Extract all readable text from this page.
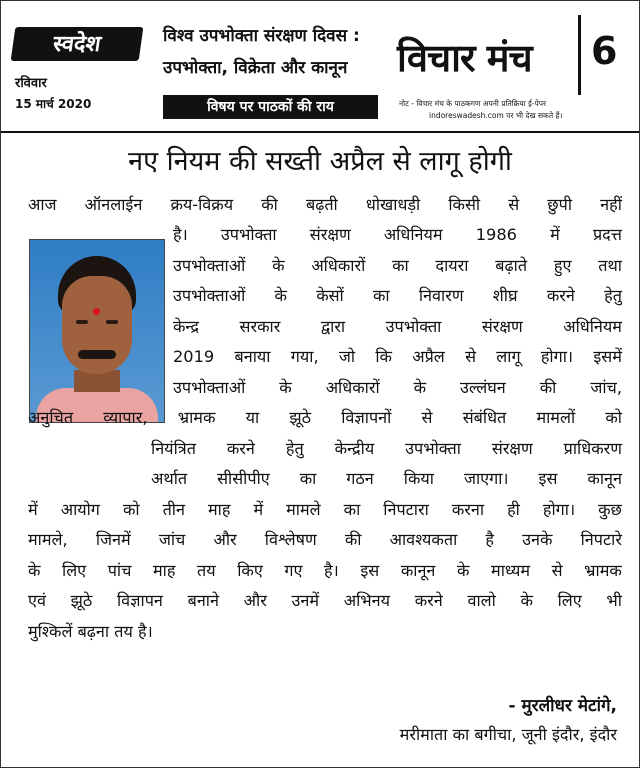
स्वदेश
रविवार
15 मार्च 2020
विश्व उपभोक्ता संरक्षण दिवस :
उपभोक्ता, विक्रेता और कानून
विषय पर पाठकों की राय
विचार मंच 6
नोट - विचार मंच के पाठकगण अपनी प्रतिक्रिया ई-पेपर
indoreswadesh.com पर भी देख सकते हैं।
नए नियम की सख्ती अप्रैल से लागू होगी
आज ऑनलाईन क्रय-विक्रय की बढ़ती धोखाधड़ी किसी से छुपी नहीं
है। उपभोक्ता संरक्षण अधिनियम 1986 में प्रदत्त
उपभोक्ताओं के अधिकारों का दायरा बढ़ाते हुए तथा
उपभोक्ताओं के केसों का निवारण शीघ्र करने हेतु
केन्द्र सरकार द्वारा उपभोक्ता संरक्षण अधिनियम
2019 बनाया गया, जो कि अप्रैल से लागू होगा। इसमें
उपभोक्ताओं के अधिकारों के उल्लंघन की जांच,
अनुचित व्यापार, भ्रामक या झूठे विज्ञापनों से संबंधित मामलों को
नियंत्रित करने हेतु केन्द्रीय उपभोक्ता संरक्षण प्राधिकरण
अर्थात सीसीपीए का गठन किया जाएगा। इस कानून
में आयोग को तीन माह में मामले का निपटारा करना ही होगा। कुछ
मामले, जिनमें जांच और विश्लेषण की आवश्यकता है उनके निपटारे
के लिए पांच माह तय किए गए है। इस कानून के माध्यम से भ्रामक
एवं झूठे विज्ञापन बनाने और उनमें अभिनय करने वालो के लिए भी
मुश्किलें बढ़ना तय है।
- मुरलीधर मेटांगे,
मरीमाता का बगीचा, जूनी इंदौर, इंदौर
